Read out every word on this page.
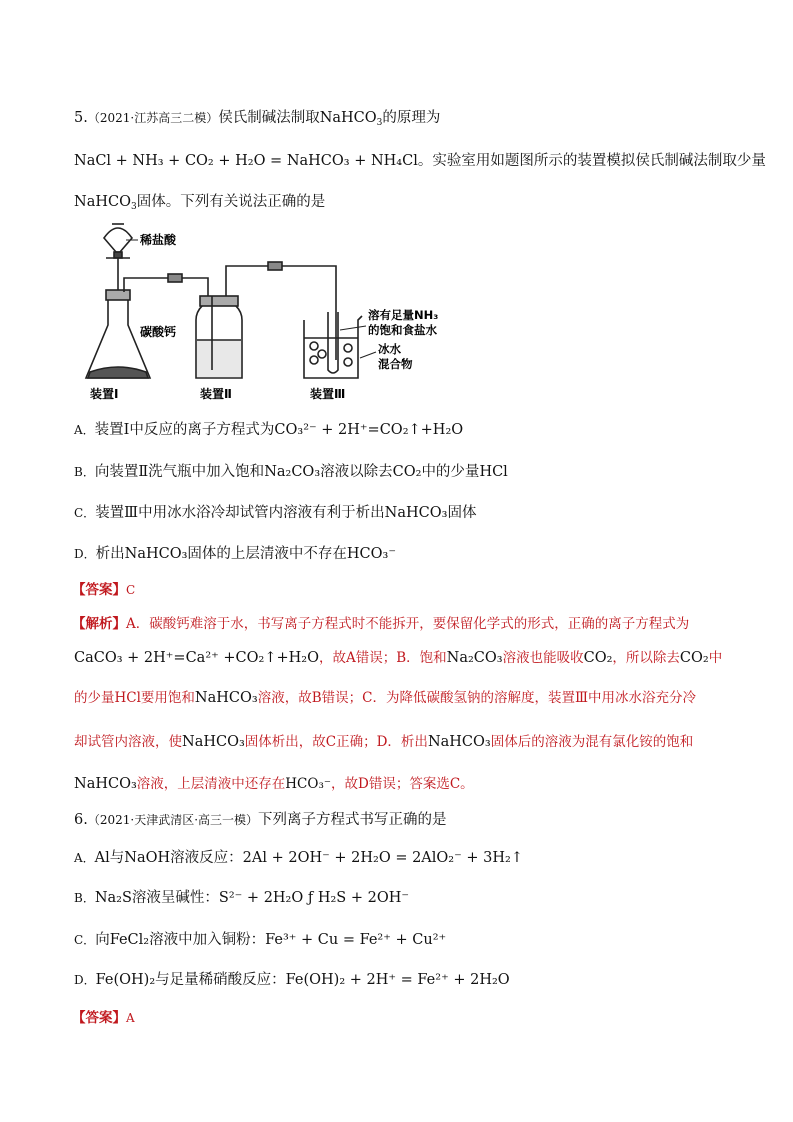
5.（2021·江苏高三二模）侯氏制碱法制取NaHCO$_3$的原理为
NaCl + NH₃ + CO₂ + H₂O = NaHCO₃ + NH₄Cl。实验室用如题图所示的装置模拟侯氏制碱法制取少量
NaHCO$_3$固体。下列有关说法正确的是
稀盐酸
碳酸钙
溶有足量NH₃
的饱和食盐水
冰水
混合物
装置Ⅰ	装置Ⅱ	装置Ⅲ
A．装置Ⅰ中反应的离子方程式为CO₃²⁻ + 2H⁺=CO₂↑+H₂O
B．向装置Ⅱ洗气瓶中加入饱和Na₂CO₃溶液以除去CO₂中的少量HCl
C．装置Ⅲ中用冰水浴冷却试管内溶液有利于析出NaHCO₃固体
D．析出NaHCO₃固体的上层清液中不存在HCO₃⁻
【答案】C
【解析】A．碳酸钙难溶于水，书写离子方程式时不能拆开，要保留化学式的形式，正确的离子方程式为
CaCO₃ + 2H⁺=Ca²⁺ +CO₂↑+H₂O，故A错误；B．饱和Na₂CO₃溶液也能吸收CO₂，所以除去CO₂中
的少量HCl要用饱和NaHCO₃溶液，故B错误；C．为降低碳酸氢钠的溶解度，装置Ⅲ中用冰水浴充分冷
却试管内溶液，使NaHCO₃固体析出，故C正确；D．析出NaHCO₃固体后的溶液为混有氯化铵的饱和
NaHCO₃溶液，上层清液中还存在HCO₃⁻，故D错误；答案选C。
6.（2021·天津武清区·高三一模）下列离子方程式书写正确的是
A．Al与NaOH溶液反应：2Al + 2OH⁻ + 2H₂O = 2AlO₂⁻ + 3H₂↑
B．Na₂S溶液呈碱性：S²⁻ + 2H₂O ƒ H₂S + 2OH⁻
C．向FeCl₂溶液中加入铜粉：Fe³⁺ + Cu = Fe²⁺ + Cu²⁺
D．Fe(OH)₂与足量稀硝酸反应：Fe(OH)₂ + 2H⁺ = Fe²⁺ + 2H₂O
【答案】A
